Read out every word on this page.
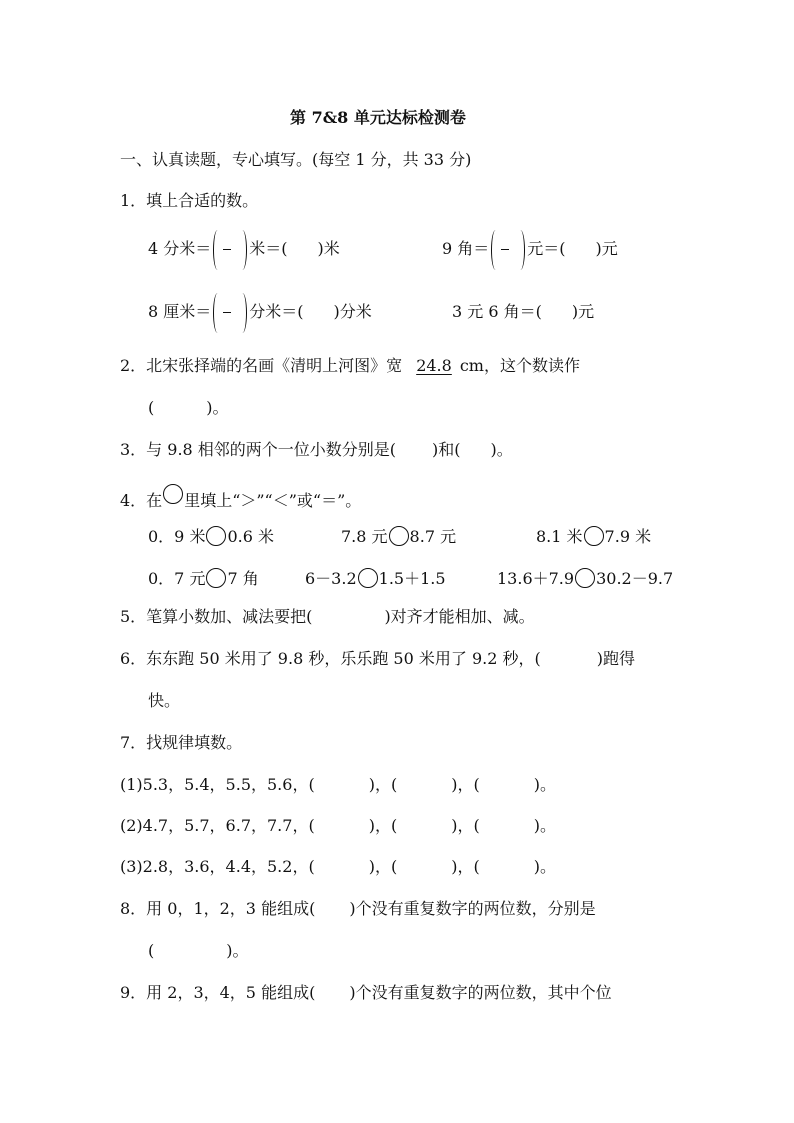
第 7&8 单元达标检测卷
一、认真读题，专心填写。(每空 1 分，共 33 分)
1．填上合适的数。
4 分米＝ 米＝( )米	9 角＝ 元＝( )元
8 厘米＝ 分米＝( )分米	3 元 6 角＝( )元
2．北宋张择端的名画《清明上河图》宽 24.8 cm，这个数读作
(	)。
3．与 9.8 相邻的两个一位小数分别是( )和( )。
4．在 里填上“＞”“＜”或“＝”。
0．9 米 0.6 米	7.8 元 8.7 元	8.1 米 7.9 米
0．7 元 7 角	6－3.2 1.5＋1.5	13.6＋7.9 30.2－9.7
5．笔算小数加、减法要把(	)对齐才能相加、减。
6．东东跑 50 米用了 9.8 秒，乐乐跑 50 米用了 9.2 秒，(	)跑得
快。
7．找规律填数。
(1)5.3，5.4，5.5，5.6，(	)，(	)，(	)。
(2)4.7，5.7，6.7，7.7，(	)，(	)，(	)。
(3)2.8，3.6，4.4，5.2，(	)，(	)，(	)。
8．用 0，1，2，3 能组成( )个没有重复数字的两位数，分别是
(	)。
9．用 2，3，4，5 能组成( )个没有重复数字的两位数，其中个位
